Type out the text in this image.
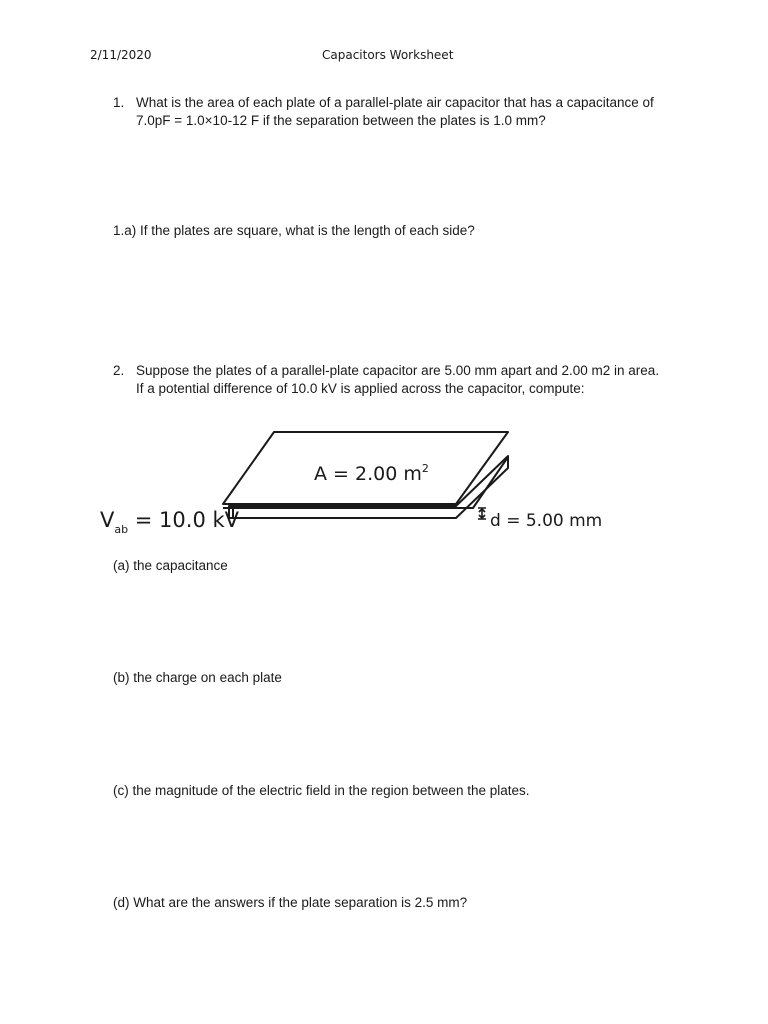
2/11/2020	Capacitors Worksheet
1. What is the area of each plate of a parallel-plate air capacitor that has a capacitance of
7.0pF = 1.0×10-12 F if the separation between the plates is 1.0 mm?
1.a) If the plates are square, what is the length of each side?
2. Suppose the plates of a parallel-plate capacitor are 5.00 mm apart and 2.00 m2 in area.
If a potential difference of 10.0 kV is applied across the capacitor, compute:
A = 2.00 $m^2$
$V_{ab} = 10.0$ kV	d = 5.00 mm
(a) the capacitance
(b) the charge on each plate
(c) the magnitude of the electric field in the region between the plates.
(d) What are the answers if the plate separation is 2.5 mm?
